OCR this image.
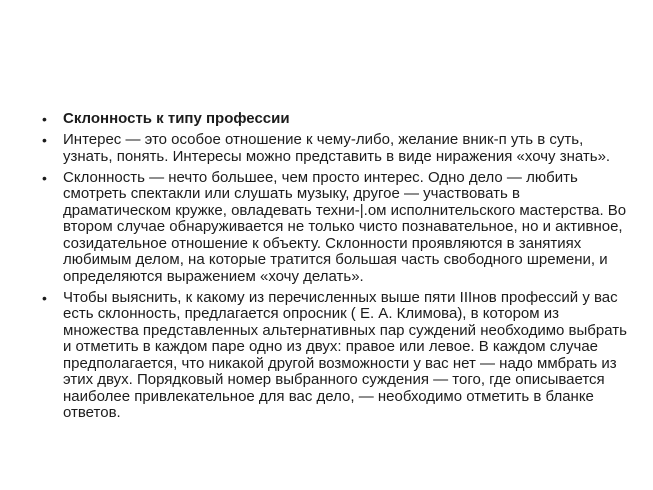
• Склонность к типу профессии
• Интерес — это особое отношение к чему-либо, желание вник-п уть в суть, узнать, понять. Интересы можно представить в виде ниражения «хочу знать».
• Склонность — нечто большее, чем просто интерес. Одно дело — любить смотреть спектакли или слушать музыку, другое — участвовать в драматическом кружке, овладевать техни-|.ом исполнительского мастерства. Во втором случае обнаруживается не только чисто познавательное, но и активное, созидательное отношение к объекту. Склонности проявляются в занятиях любимым делом, на которые тратится большая часть свободного шремени, и определяются выражением «хочу делать».
• Чтобы выяснить, к какому из перечисленных выше пяти IIIнов профессий у вас есть склонность, предлагается опросник ( Е. А. Климова), в котором из множества представленных альтернативных пар суждений необходимо выбрать и отметить в каждом паре одно из двух: правое или левое. В каждом случае предполагается, что никакой другой возможности у вас нет — надо ммбрать из этих двух. Порядковый номер выбранного суждения — того, где описывается наиболее привлекательное для вас дело, — необходимо отметить в бланке ответов.
